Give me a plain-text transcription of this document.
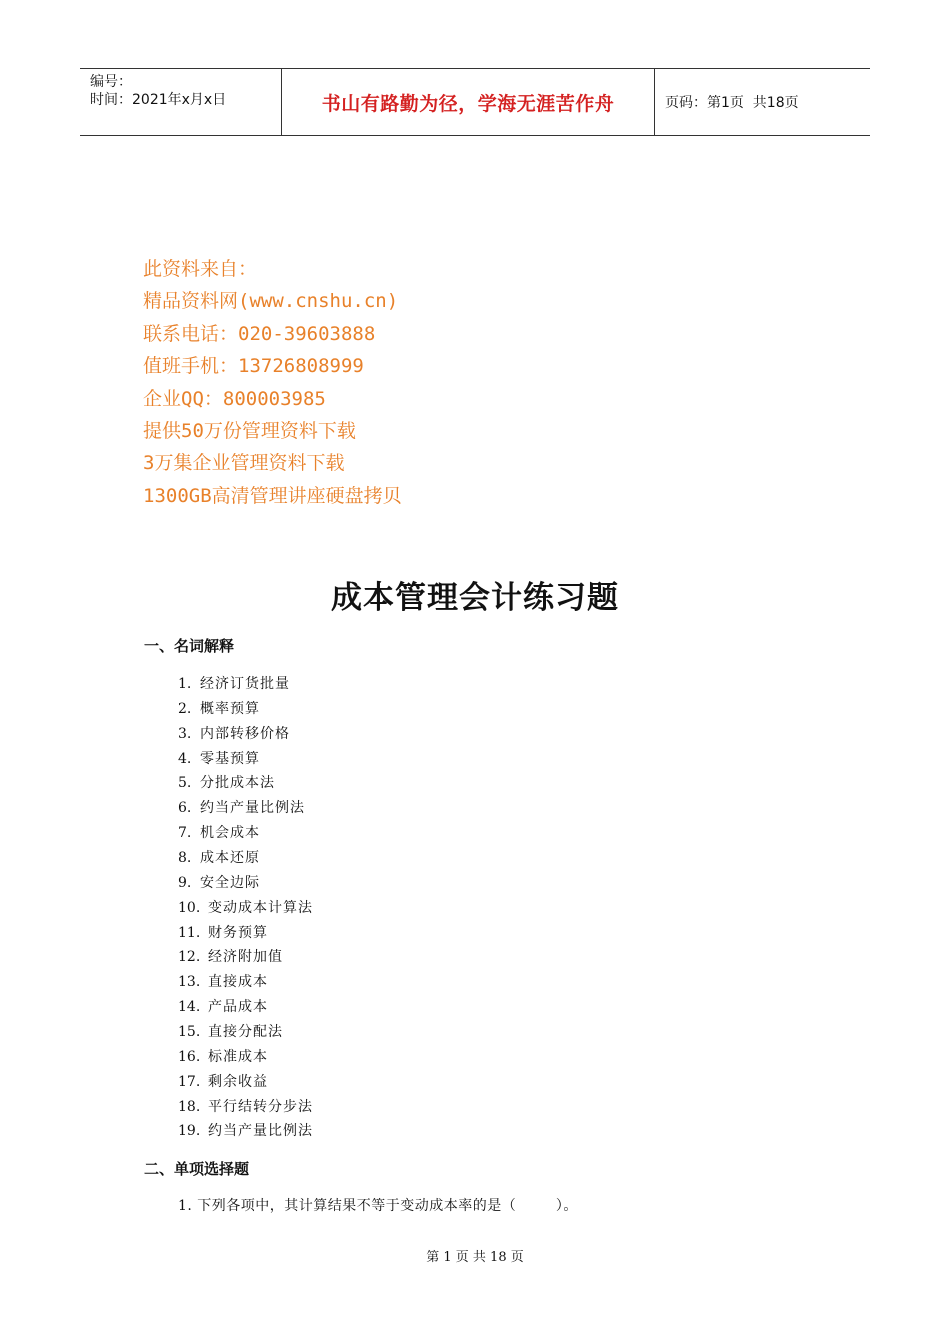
编号：
时间：2021年x月x日	书山有路勤为径，学海无涯苦作舟	页码：第1页  共18页
此资料来自：
精品资料网(www.cnshu.cn)
联系电话：020-39603888
值班手机：13726808999
企业QQ：800003985
提供50万份管理资料下载
3万集企业管理资料下载
1300GB高清管理讲座硬盘拷贝
成本管理会计练习题
一、名词解释
1. 经济订货批量
2. 概率预算
3. 内部转移价格
4. 零基预算
5. 分批成本法
6. 约当产量比例法
7. 机会成本
8. 成本还原
9. 安全边际
10. 变动成本计算法
11. 财务预算
12. 经济附加值
13. 直接成本
14. 产品成本
15. 直接分配法
16. 标准成本
17. 剩余收益
18. 平行结转分步法
19. 约当产量比例法
二、单项选择题
1. 下列各项中，其计算结果不等于变动成本率的是（        ）。
第 1 页 共 18 页
